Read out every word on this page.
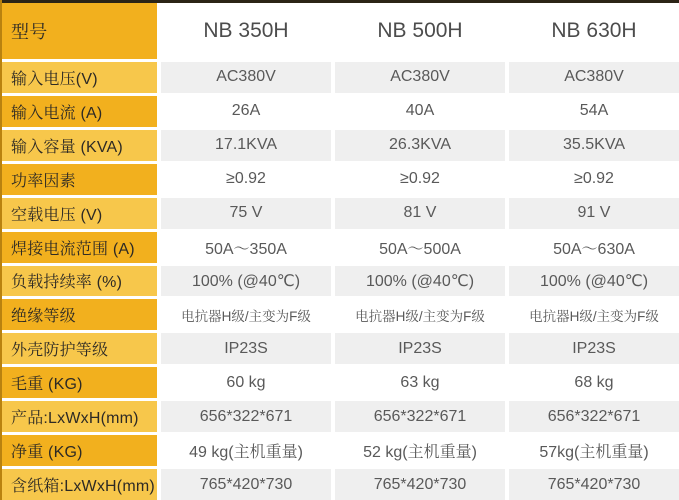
型号	NB 350H	NB 500H	NB 630H
输入电压(V)	AC380V	AC380V	AC380V
输入电流 (A)	26A	40A	54A
输入容量 (KVA)	17.1KVA	26.3KVA	35.5KVA
功率因素	≥0.92	≥0.92	≥0.92
空载电压 (V)	75 V	81 V	91 V
焊接电流范围 (A)	50A～350A	50A～500A	50A～630A
负载持续率 (%)	100% (@40℃)	100% (@40℃)	100% (@40℃)
绝缘等级	电抗器H级/主变为F级	电抗器H级/主变为F级	电抗器H级/主变为F级
外壳防护等级	IP23S	IP23S	IP23S
毛重 (KG)	60 kg	63 kg	68 kg
产品:LxWxH(mm)	656*322*671	656*322*671	656*322*671
净重 (KG)	49 kg(主机重量)	52 kg(主机重量)	57kg(主机重量)
含纸箱:LxWxH(mm)	765*420*730	765*420*730	765*420*730
